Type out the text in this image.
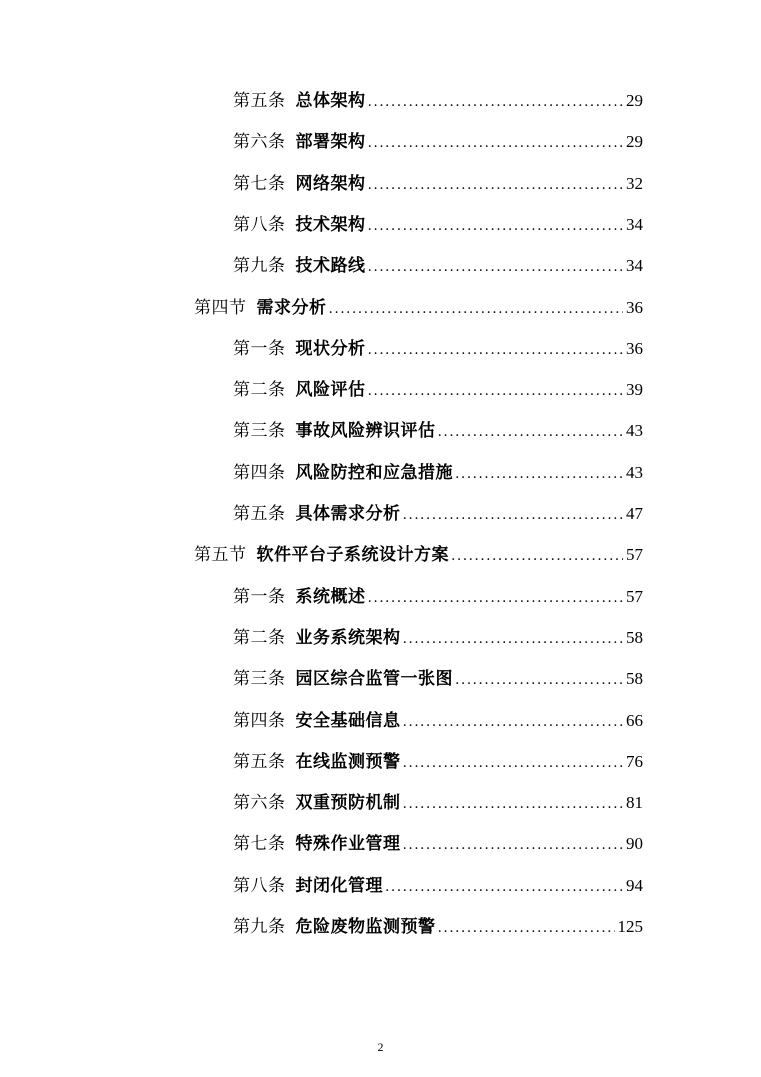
第五条 总体架构 .....	29
第六条 部署架构 .....	29
第七条 网络架构 .....	32
第八条 技术架构 .....	34
第九条 技术路线 .....	34
第四节 需求分析 .....	36
第一条 现状分析 .....	36
第二条 风险评估 .....	39
第三条 事故风险辨识评估 .....	43
第四条 风险防控和应急措施 .....	43
第五条 具体需求分析 .....	47
第五节 软件平台子系统设计方案 .....	57
第一条 系统概述 .....	57
第二条 业务系统架构 .....	58
第三条 园区综合监管一张图 .....	58
第四条 安全基础信息 .....	66
第五条 在线监测预警 .....	76
第六条 双重预防机制 .....	81
第七条 特殊作业管理 .....	90
第八条 封闭化管理 .....	94
第九条 危险废物监测预警 .....	125
2
